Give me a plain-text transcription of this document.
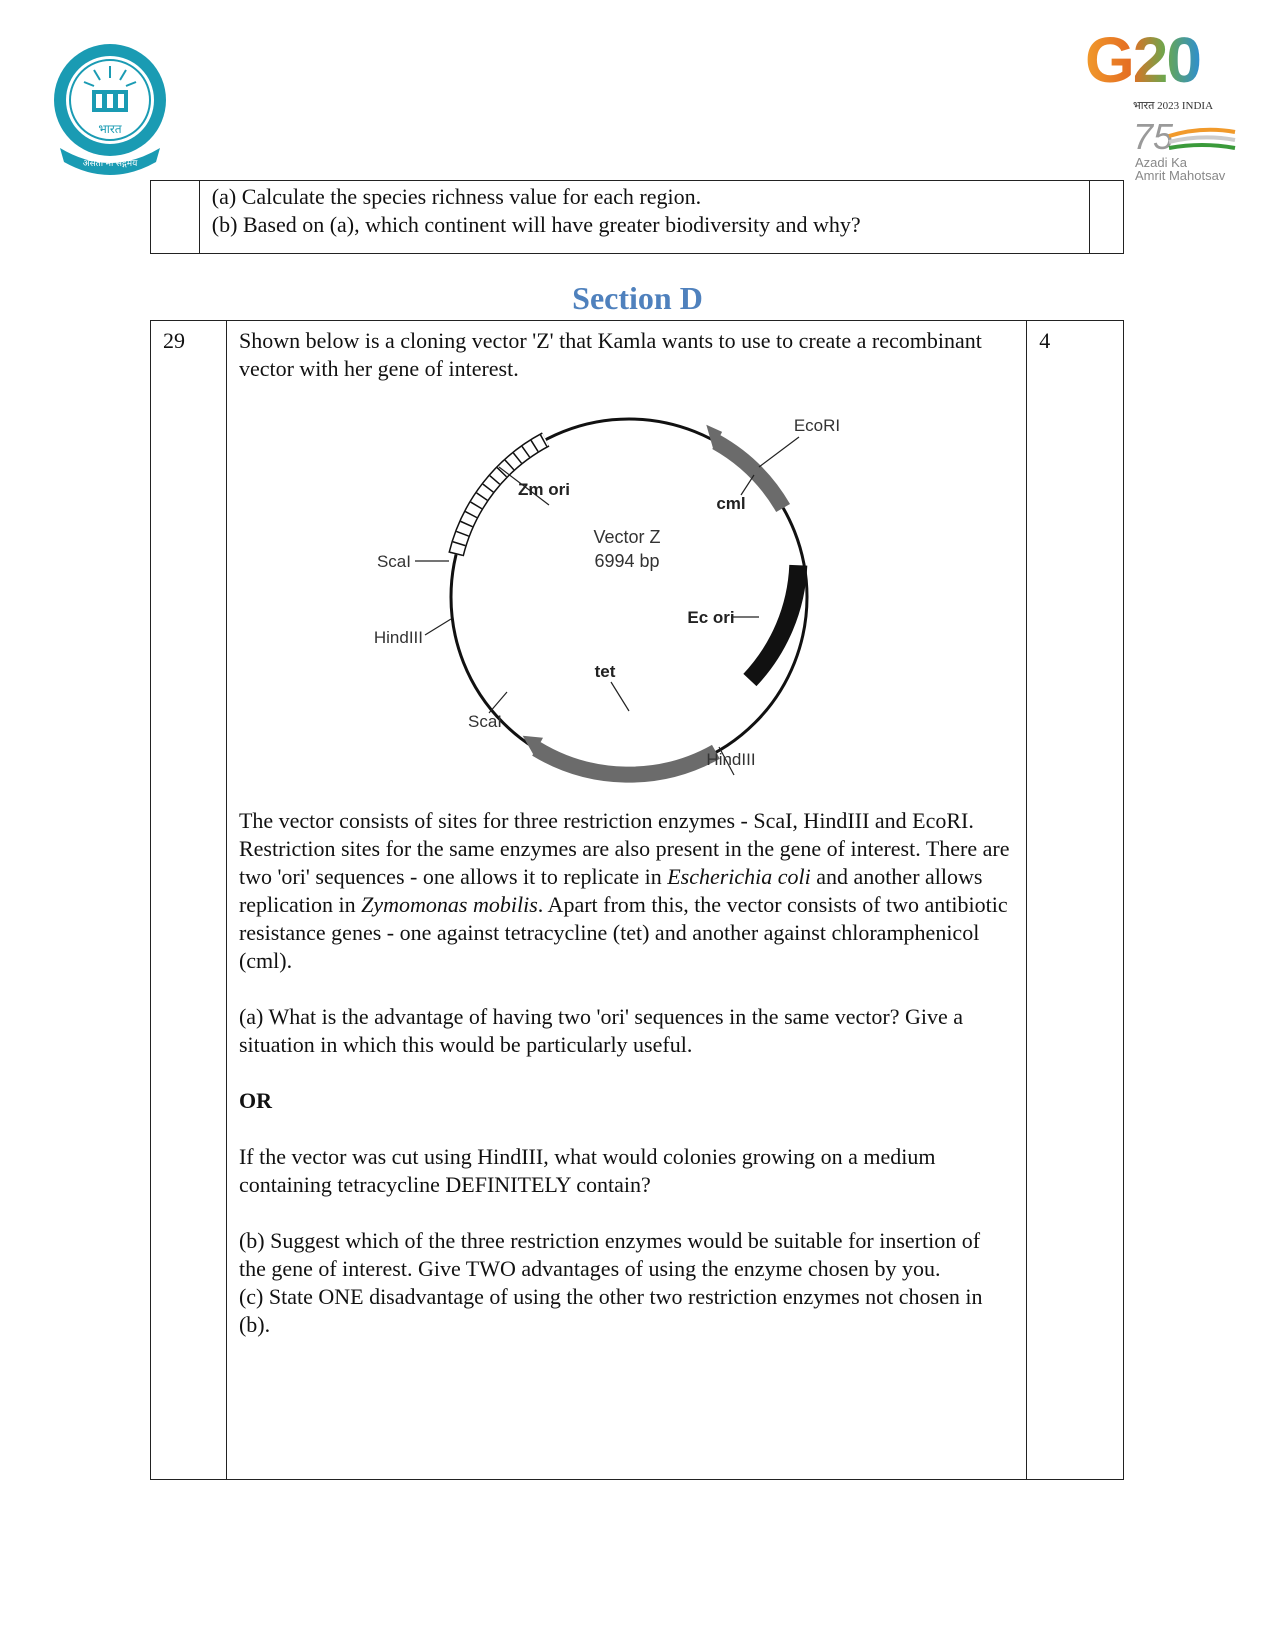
भारत
असतो मा सद्गमय
G20
भारत 2023 INDIA
75
Azadi Ka
Amrit Mahotsav

(a) Calculate the species richness value for each region.

(b) Based on (a), which continent will have greater biodiversity and why?

Section D
29	Shown below is a cloning vector 'Z' that Kamla wants to use to create a recombinant vector with her gene of interest.

EcoRI
cml
Zm ori
Vector Z
6994 bp
ScaI
HindIII
Ec ori
tet
ScaI
HindIII

The vector consists of sites for three restriction enzymes - ScaI, HindIII and EcoRI. Restriction sites for the same enzymes are also present in the gene of interest. There are two 'ori' sequences - one allows it to replicate in Escherichia coli and another allows replication in Zymomonas mobilis. Apart from this, the vector consists of two antibiotic resistance genes - one against tetracycline (tet) and another against chloramphenicol (cml).

(a) What is the advantage of having two 'ori' sequences in the same vector? Give a situation in which this would be particularly useful.

OR

If the vector was cut using HindIII, what would colonies growing on a medium containing tetracycline DEFINITELY contain?

(b) Suggest which of the three restriction enzymes would be suitable for insertion of the gene of interest. Give TWO advantages of using the enzyme chosen by you.

(c) State ONE disadvantage of using the other two restriction enzymes not chosen in (b).

	4
